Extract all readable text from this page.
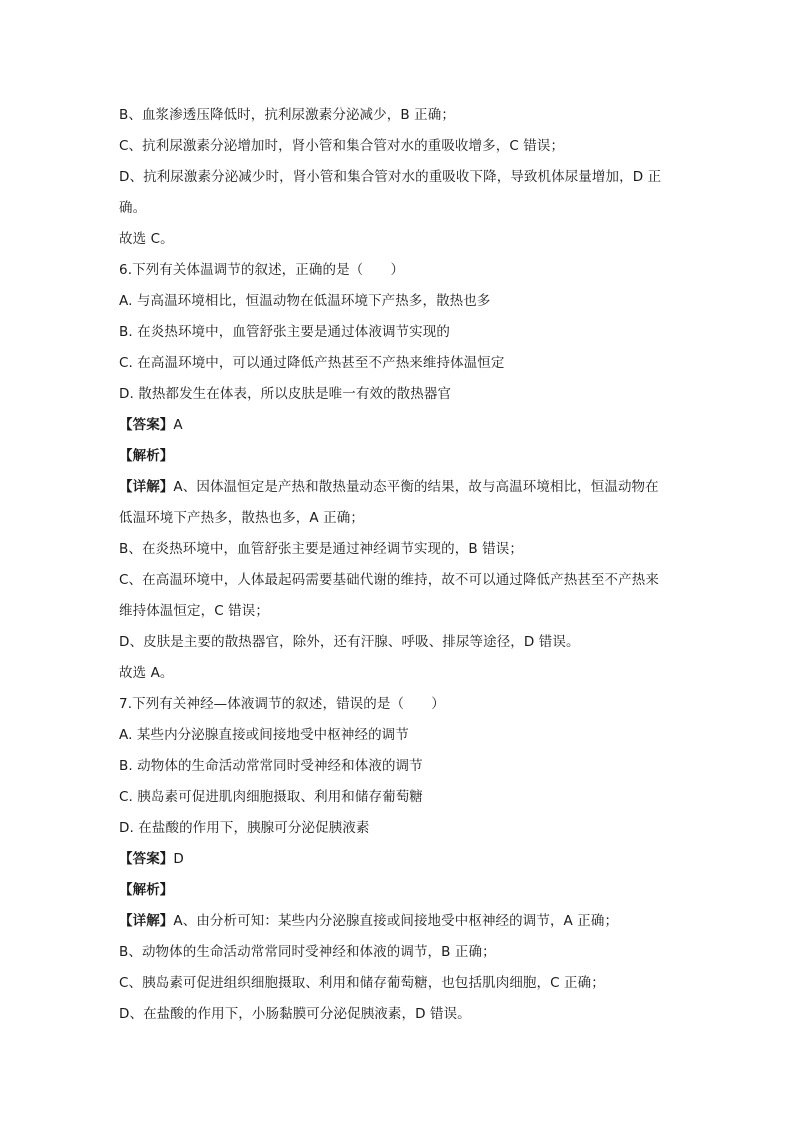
B、血浆渗透压降低时，抗利尿激素分泌减少，B 正确；
C、抗利尿激素分泌增加时，肾小管和集合管对水的重吸收增多，C 错误；
D、抗利尿激素分泌减少时，肾小管和集合管对水的重吸收下降，导致机体尿量增加，D 正
确。
故选 C。
6.下列有关体温调节的叙述，正确的是（　　）
A. 与高温环境相比，恒温动物在低温环境下产热多，散热也多
B. 在炎热环境中，血管舒张主要是通过体液调节实现的
C. 在高温环境中，可以通过降低产热甚至不产热来维持体温恒定
D. 散热都发生在体表，所以皮肤是唯一有效的散热器官
【答案】A
【解析】
【详解】A、因体温恒定是产热和散热量动态平衡的结果，故与高温环境相比，恒温动物在
低温环境下产热多，散热也多，A 正确；
B、在炎热环境中，血管舒张主要是通过神经调节实现的，B 错误；
C、在高温环境中，人体最起码需要基础代谢的维持，故不可以通过降低产热甚至不产热来
维持体温恒定，C 错误；
D、皮肤是主要的散热器官，除外，还有汗腺、呼吸、排尿等途径，D 错误。
故选 A。
7.下列有关神经—体液调节的叙述，错误的是（　　）
A. 某些内分泌腺直接或间接地受中枢神经的调节
B. 动物体的生命活动常常同时受神经和体液的调节
C. 胰岛素可促进肌肉细胞摄取、利用和储存葡萄糖
D. 在盐酸的作用下，胰腺可分泌促胰液素
【答案】D
【解析】
【详解】A、由分析可知：某些内分泌腺直接或间接地受中枢神经的调节，A 正确；
B、动物体的生命活动常常同时受神经和体液的调节，B 正确；
C、胰岛素可促进组织细胞摄取、利用和储存葡萄糖，也包括肌肉细胞，C 正确；
D、在盐酸的作用下，小肠黏膜可分泌促胰液素，D 错误。
